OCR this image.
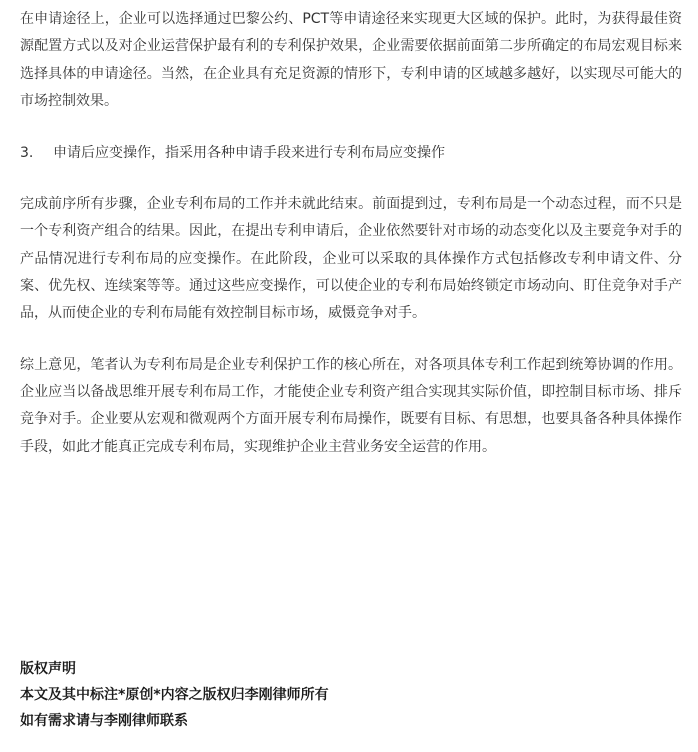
在申请途径上，企业可以选择通过巴黎公约、PCT等申请途径来实现更大区域的保护。此时，为获得最佳资源配置方式以及对企业运营保护最有利的专利保护效果，企业需要依据前面第二步所确定的布局宏观目标来选择具体的申请途径。当然，在企业具有充足资源的情形下，专利申请的区域越多越好，以实现尽可能大的市场控制效果。

3. 申请后应变操作，指采用各种申请手段来进行专利布局应变操作

完成前序所有步骤，企业专利布局的工作并未就此结束。前面提到过，专利布局是一个动态过程，而不只是一个专利资产组合的结果。因此，在提出专利申请后，企业依然要针对市场的动态变化以及主要竞争对手的产品情况进行专利布局的应变操作。在此阶段，企业可以采取的具体操作方式包括修改专利申请文件、分案、优先权、连续案等等。通过这些应变操作，可以使企业的专利布局始终锁定市场动向、盯住竞争对手产品，从而使企业的专利布局能有效控制目标市场，威慑竞争对手。

综上意见，笔者认为专利布局是企业专利保护工作的核心所在，对各项具体专利工作起到统筹协调的作用。企业应当以备战思维开展专利布局工作，才能使企业专利资产组合实现其实际价值，即控制目标市场、排斥竞争对手。企业要从宏观和微观两个方面开展专利布局操作，既要有目标、有思想，也要具备各种具体操作手段，如此才能真正完成专利布局，实现维护企业主营业务安全运营的作用。

版权声明

本文及其中标注*原创*内容之版权归李刚律师所有

如有需求请与李刚律师联系
